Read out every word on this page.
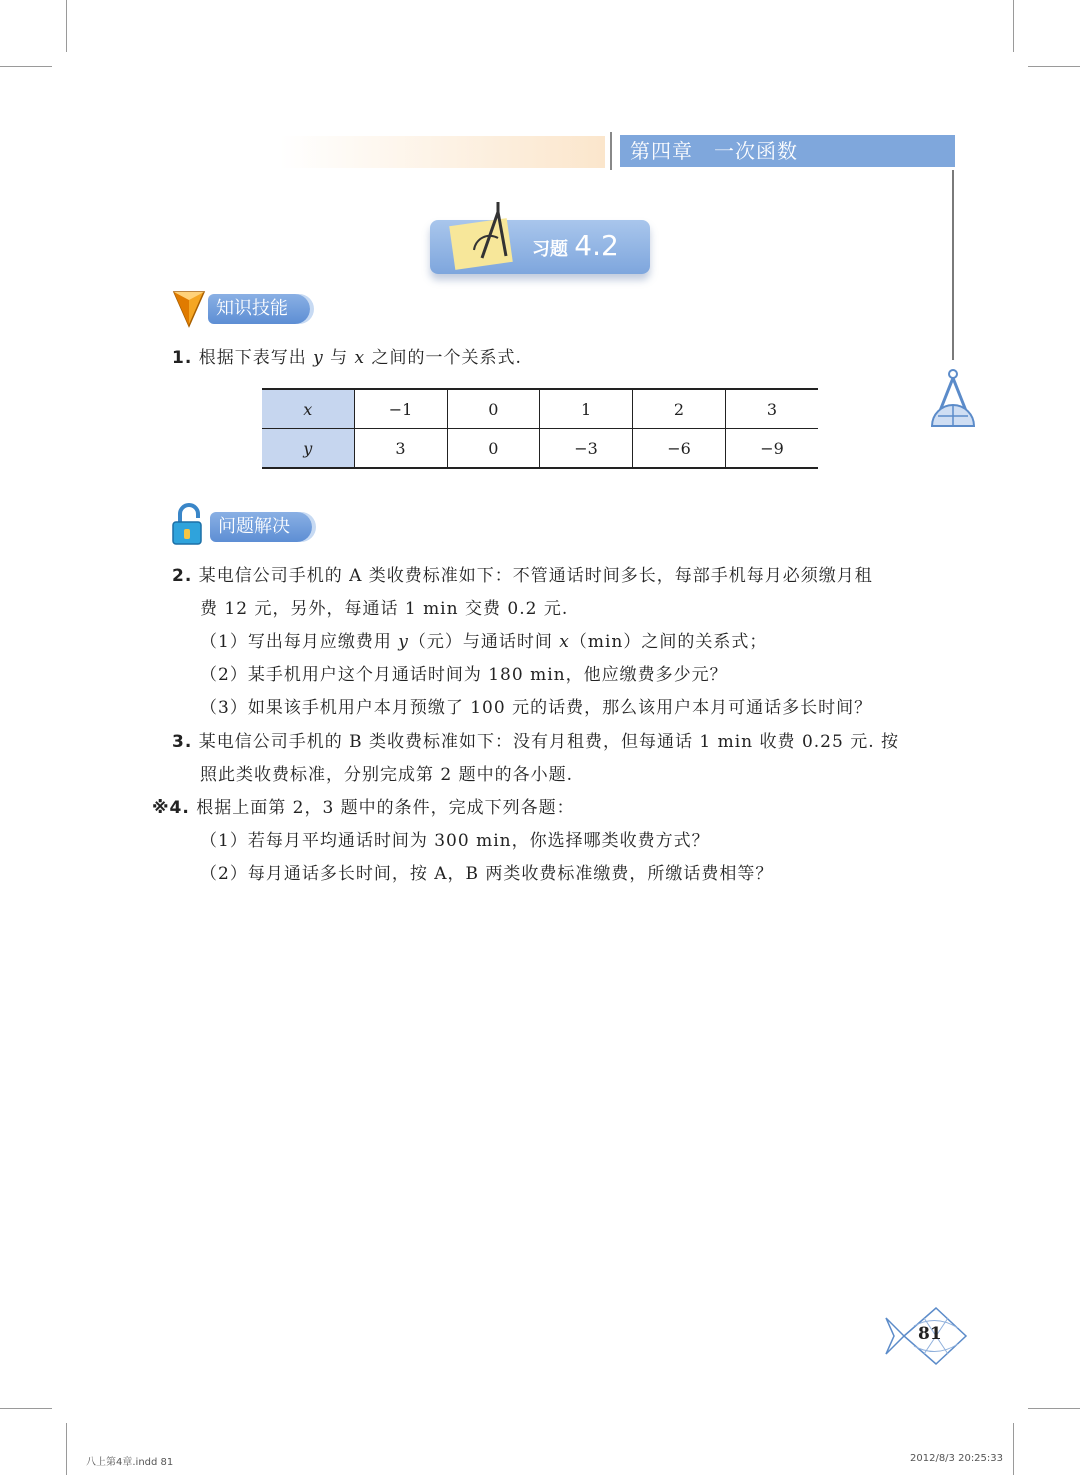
第四章　一次函数
习题 4.2
知识技能
1. 根据下表写出 y 与 x 之间的一个关系式.
x	−1	0	1	2	3
y	3	0	−3	−6	−9
问题解决
2. 某电信公司手机的 A 类收费标准如下：不管通话时间多长，每部手机每月必须缴月租
费 12 元，另外，每通话 1 min 交费 0.2 元.
（1）写出每月应缴费用 y（元）与通话时间 x（min）之间的关系式；
（2）某手机用户这个月通话时间为 180 min，他应缴费多少元？
（3）如果该手机用户本月预缴了 100 元的话费，那么该用户本月可通话多长时间？
3. 某电信公司手机的 B 类收费标准如下：没有月租费，但每通话 1 min 收费 0.25 元. 按
照此类收费标准，分别完成第 2 题中的各小题.
※4. 根据上面第 2，3 题中的条件，完成下列各题：
（1）若每月平均通话时间为 300 min，你选择哪类收费方式？
（2）每月通话多长时间，按 A，B 两类收费标准缴费，所缴话费相等？
81
八上第4章.indd 81	2012/8/3 20:25:33
